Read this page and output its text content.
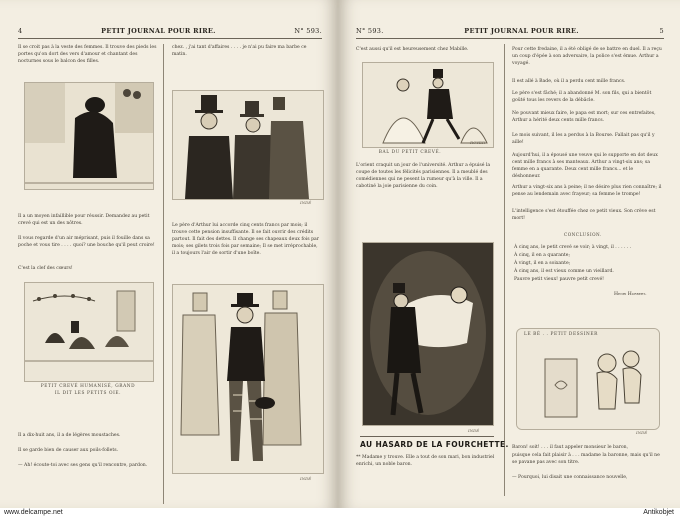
4	PETIT JOURNAL POUR RIRE.	N° 593.
Il se croit pas à la veste des femmes. Il trouve des pieds les portes qu'on dort des vers d'amour et chantant des nocturnes sous le balcon des filles.
chez. , j'ai tant d'affaires . . . . je n'ai pu faire ma barbe ce matin.
INDÉ
Il a un moyen infaillible pour réussir. Demandez au petit crevé qui est un des nôtres.
Il vous regarde d'un air méprisant, puis il fouille dans sa poche et vous tire . . . . quoi? une bouche qu'il peut croire!
C'est la clef des cœurs!
Le père d'Arthur lui accorde cinq cents francs par mois; il trouve cette pension insuffisante. Il se fait ouvrir des crédits partout. Il fait des dettes. Il change ses chapeaux deux fois par mois; ses gilets trois fois par semaine; Il se met irréprochable, il a toujours l'air de sortir d'une boîte.
PETIT CREVÉ HUMANISÉ, GRAND
IL DIT LES PETITS OIE.
INDÉ
Il a dix-huit ans, il a de légères moustaches.
Il se garde bien de causer aux poils-follets.
— Ah! écoute-toi avec ses gens qu'il rencontre, pardon.
N° 593.	PETIT JOURNAL POUR RIRE.	5
C'est aussi qu'il est heureusement chez Mabille.
BAL DU PETIT CREVÉ.
ROYER
L'orient craquit un jour de l'université. Arthur a épuisé la coupe de toutes les félicités parisiennes. Il a meublé des comédiennes qui ne pesent la rumeur qu'à la ville. Il a cabotiné la joie parisienne du coin.
Pour cette fredaine, il a été obligé de se battre en duel. Il a reçu un coup d'épée à son adversaire, la police s'est émue. Arthur a voyagé.
Il est allé à Bade, où il a perdu cent mille francs.
Le père s'est fâché; il a abandonné M. son fils, qui a bientôt goûté tous les revers de la débâcle.
Ne pouvant mieux faire, le papa est mort; sur ces entrefaites, Arthur a hérité deux cents mille francs.
Le mois suivant, il les a perdus à la Bourse. Fallait pas qu'il y aille!
Aujourd'hui, il a épousé une veuve qui le supporte en dot deux cent mille francs à ses manteaux. Arthur a vingt-six ans; sa femme en a quarante. Deux cent mille francs... et le déshonneur.
Arthur a vingt-six ans à peine; il ne désire plus rien connaître; il pense au lendemain avec frayeur; sa femme le trompe!
L'intelligence s'est étouffée chez ce petit vieux. Son crève est mort!
CONCLUSION.
À cinq ans, le petit crevé se voir; à vingt, il . . . . . .
À cinq, il en a quarante;
À vingt, il en a soixante;
À cinq ans, il est vieux comme un vieillard.
Pauvre petit vieux! pauvre petit crevé!
Henri Hurbert.
INDÉ
LE BÉ . . PETIT DESSINER
INDÉ
AU HASARD DE LA FOURCHETTE.
** Madame y trouve. Elle a tout de son mari, bon industriel enrichi, un noble baron.
Baron! soit! . . . il faut appeler monsieur le baron,
puisque cela fait plaisir à . . . madame la baronne, mais qu'il ne se pavane pas avec son titre.
— Pourquoi, lui disait une connaissance nouvelle,
www.delcampe.net	Antikobjet
